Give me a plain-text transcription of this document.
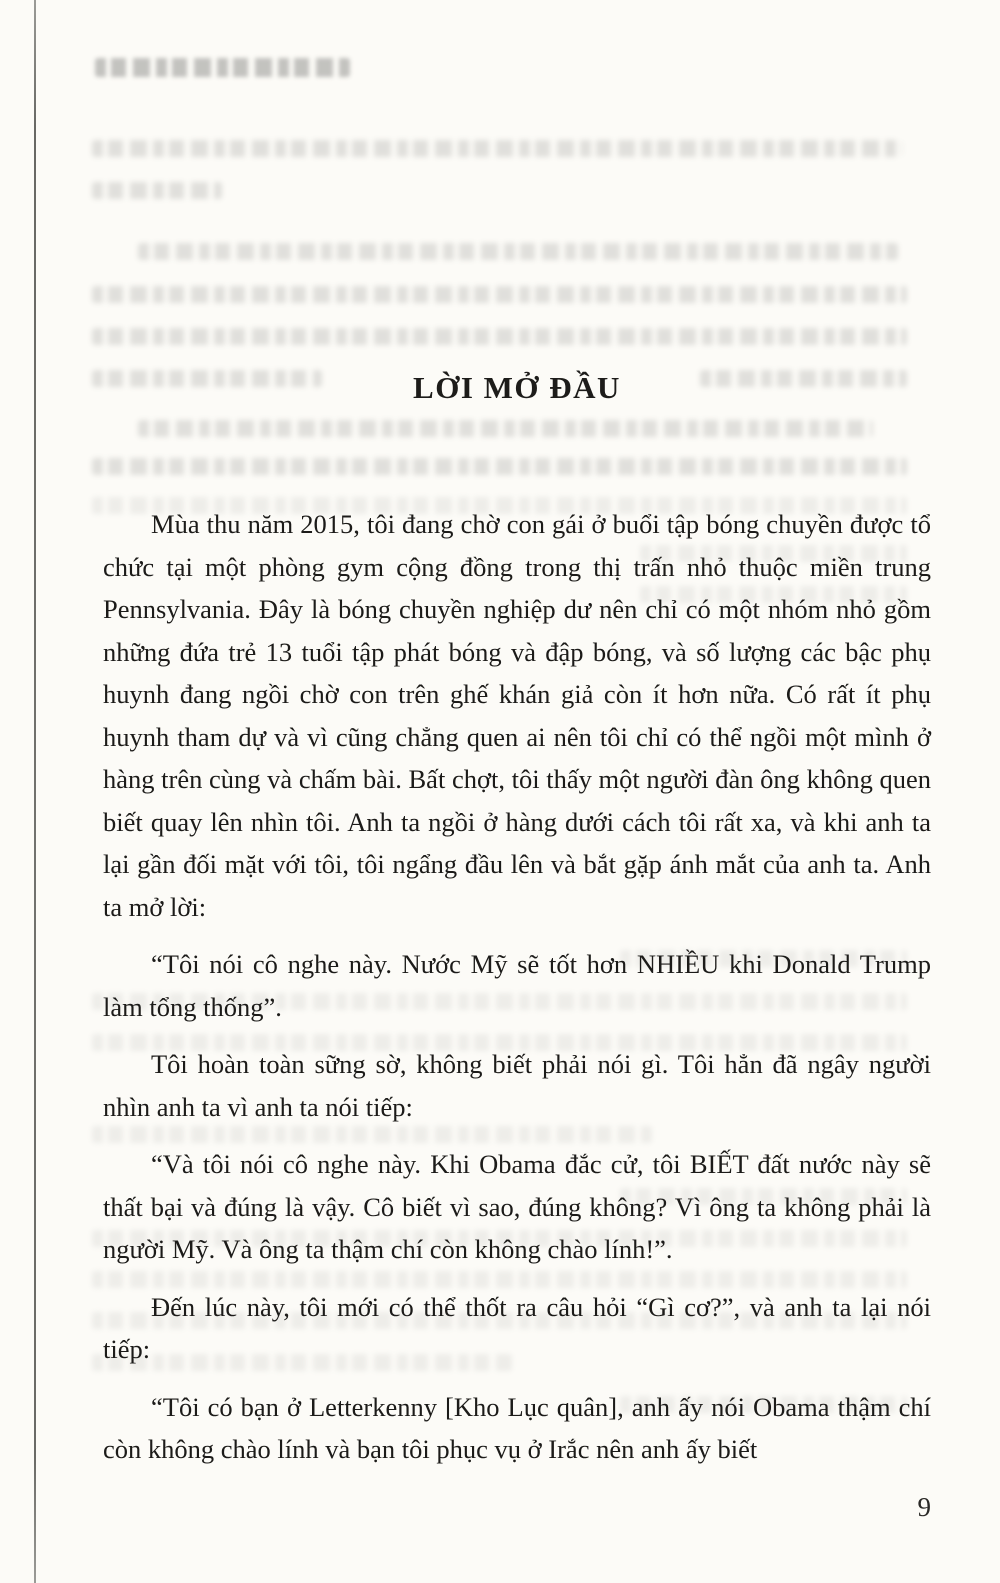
LỜI MỞ ĐẦU

Mùa thu năm 2015, tôi đang chờ con gái ở buổi tập bóng chuyền được tổ chức tại một phòng gym cộng đồng trong thị trấn nhỏ thuộc miền trung Pennsylvania. Đây là bóng chuyền nghiệp dư nên chỉ có một nhóm nhỏ gồm những đứa trẻ 13 tuổi tập phát bóng và đập bóng, và số lượng các bậc phụ huynh đang ngồi chờ con trên ghế khán giả còn ít hơn nữa. Có rất ít phụ huynh tham dự và vì cũng chẳng quen ai nên tôi chỉ có thể ngồi một mình ở hàng trên cùng và chấm bài. Bất chợt, tôi thấy một người đàn ông không quen biết quay lên nhìn tôi. Anh ta ngồi ở hàng dưới cách tôi rất xa, và khi anh ta lại gần đối mặt với tôi, tôi ngẩng đầu lên và bắt gặp ánh mắt của anh ta. Anh ta mở lời:

“Tôi nói cô nghe này. Nước Mỹ sẽ tốt hơn NHIỀU khi Donald Trump làm tổng thống”.

Tôi hoàn toàn sững sờ, không biết phải nói gì. Tôi hẳn đã ngây người nhìn anh ta vì anh ta nói tiếp:

“Và tôi nói cô nghe này. Khi Obama đắc cử, tôi BIẾT đất nước này sẽ thất bại và đúng là vậy. Cô biết vì sao, đúng không? Vì ông ta không phải là người Mỹ. Và ông ta thậm chí còn không chào lính!”.

Đến lúc này, tôi mới có thể thốt ra câu hỏi “Gì cơ?”, và anh ta lại nói tiếp:

“Tôi có bạn ở Letterkenny [Kho Lục quân], anh ấy nói Obama thậm chí còn không chào lính và bạn tôi phục vụ ở Irắc nên anh ấy biết

9
